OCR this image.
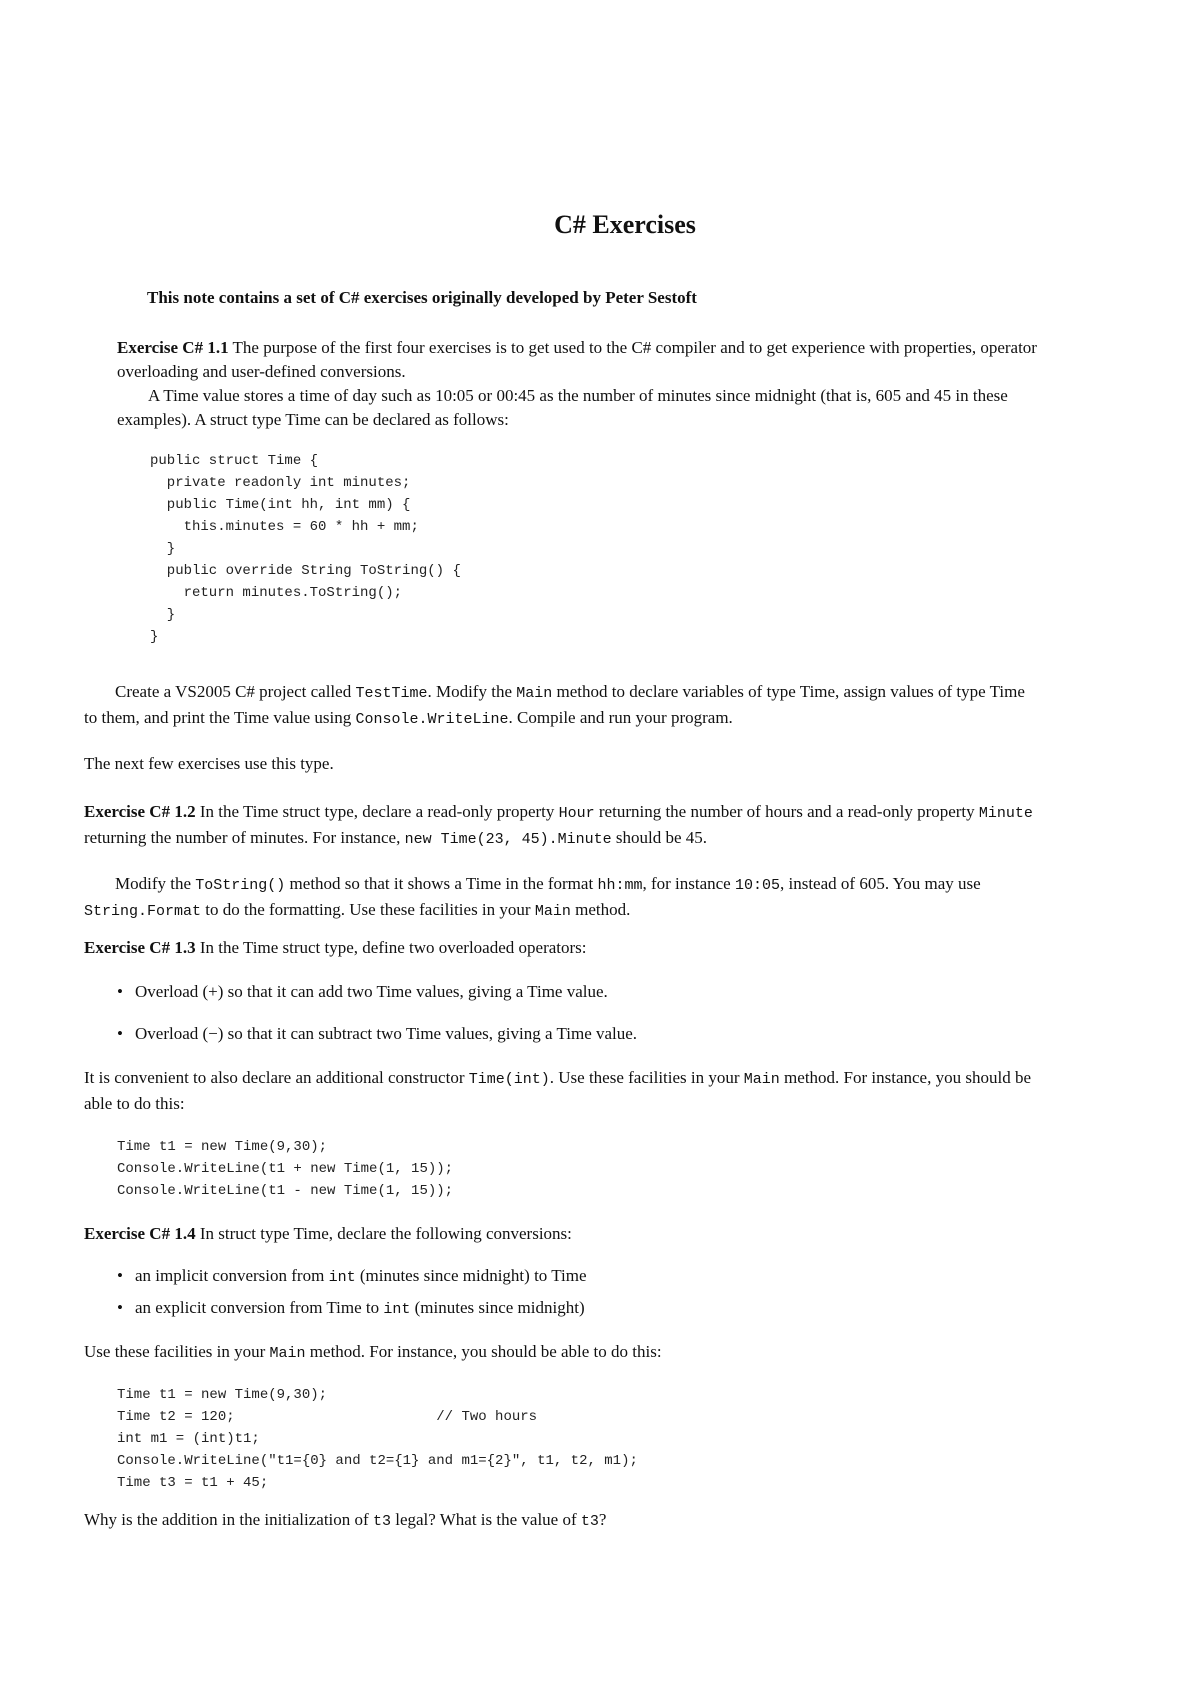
C# Exercises
This note contains a set of C# exercises originally developed by Peter Sestoft
Exercise C# 1.1 The purpose of the first four exercises is to get used to the C# compiler and to get experience with properties, operator overloading and user-defined conversions.
A Time value stores a time of day such as 10:05 or 00:45 as the number of minutes since midnight (that is, 605 and 45 in these examples). A struct type Time can be declared as follows:
public struct Time {
private readonly int minutes;
public Time(int hh, int mm) {
this.minutes = 60 * hh + mm;
}
public override String ToString() {
return minutes.ToString();
}
}
Create a VS2005 C# project called TestTime. Modify the Main method to declare variables of type Time, assign values of type Time to them, and print the Time value using Console.WriteLine. Compile and run your program.
The next few exercises use this type.
Exercise C# 1.2 In the Time struct type, declare a read-only property Hour returning the number of hours and a read-only property Minute returning the number of minutes. For instance, new Time(23, 45).Minute should be 45.
Modify the ToString() method so that it shows a Time in the format hh:mm, for instance 10:05, instead of 605. You may use String.Format to do the formatting. Use these facilities in your Main method.
Exercise C# 1.3 In the Time struct type, define two overloaded operators:
• Overload (+) so that it can add two Time values, giving a Time value.
• Overload (−) so that it can subtract two Time values, giving a Time value.
It is convenient to also declare an additional constructor Time(int). Use these facilities in your Main method. For instance, you should be able to do this:
Time t1 = new Time(9,30);
Console.WriteLine(t1 + new Time(1, 15));
Console.WriteLine(t1 - new Time(1, 15));
Exercise C# 1.4 In struct type Time, declare the following conversions:
• an implicit conversion from int (minutes since midnight) to Time
• an explicit conversion from Time to int (minutes since midnight)
Use these facilities in your Main method. For instance, you should be able to do this:
Time t1 = new Time(9,30);
Time t2 = 120;                        // Two hours
int m1 = (int)t1;
Console.WriteLine("t1={0} and t2={1} and m1={2}", t1, t2, m1);
Time t3 = t1 + 45;
Why is the addition in the initialization of t3 legal? What is the value of t3?
